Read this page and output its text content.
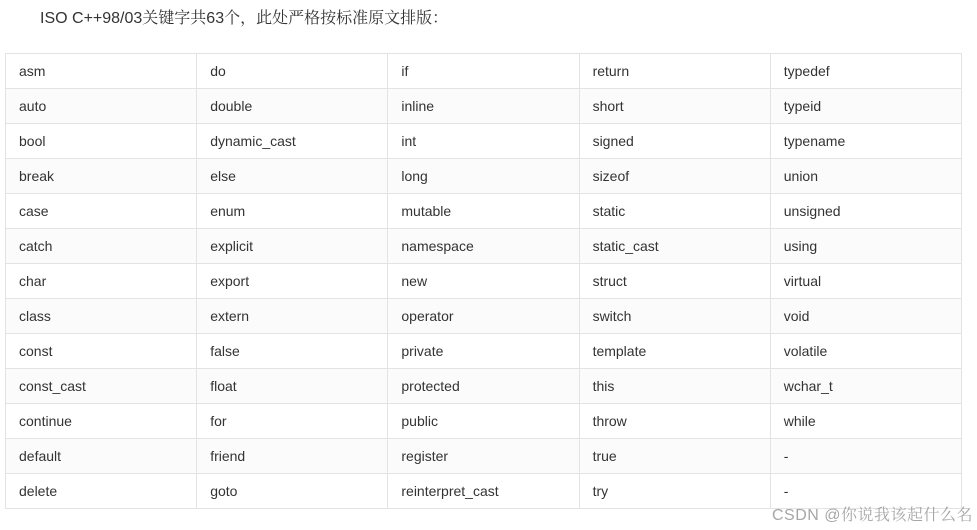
ISO C++98/03关键字共63个，此处严格按标准原文排版：
asm	do	if	return	typedef
auto	double	inline	short	typeid
bool	dynamic_cast	int	signed	typename
break	else	long	sizeof	union
case	enum	mutable	static	unsigned
catch	explicit	namespace	static_cast	using
char	export	new	struct	virtual
class	extern	operator	switch	void
const	false	private	template	volatile
const_cast	float	protected	this	wchar_t
continue	for	public	throw	while
default	friend	register	true	-
delete	goto	reinterpret_cast	try	-
CSDN @你说我该起什么名
